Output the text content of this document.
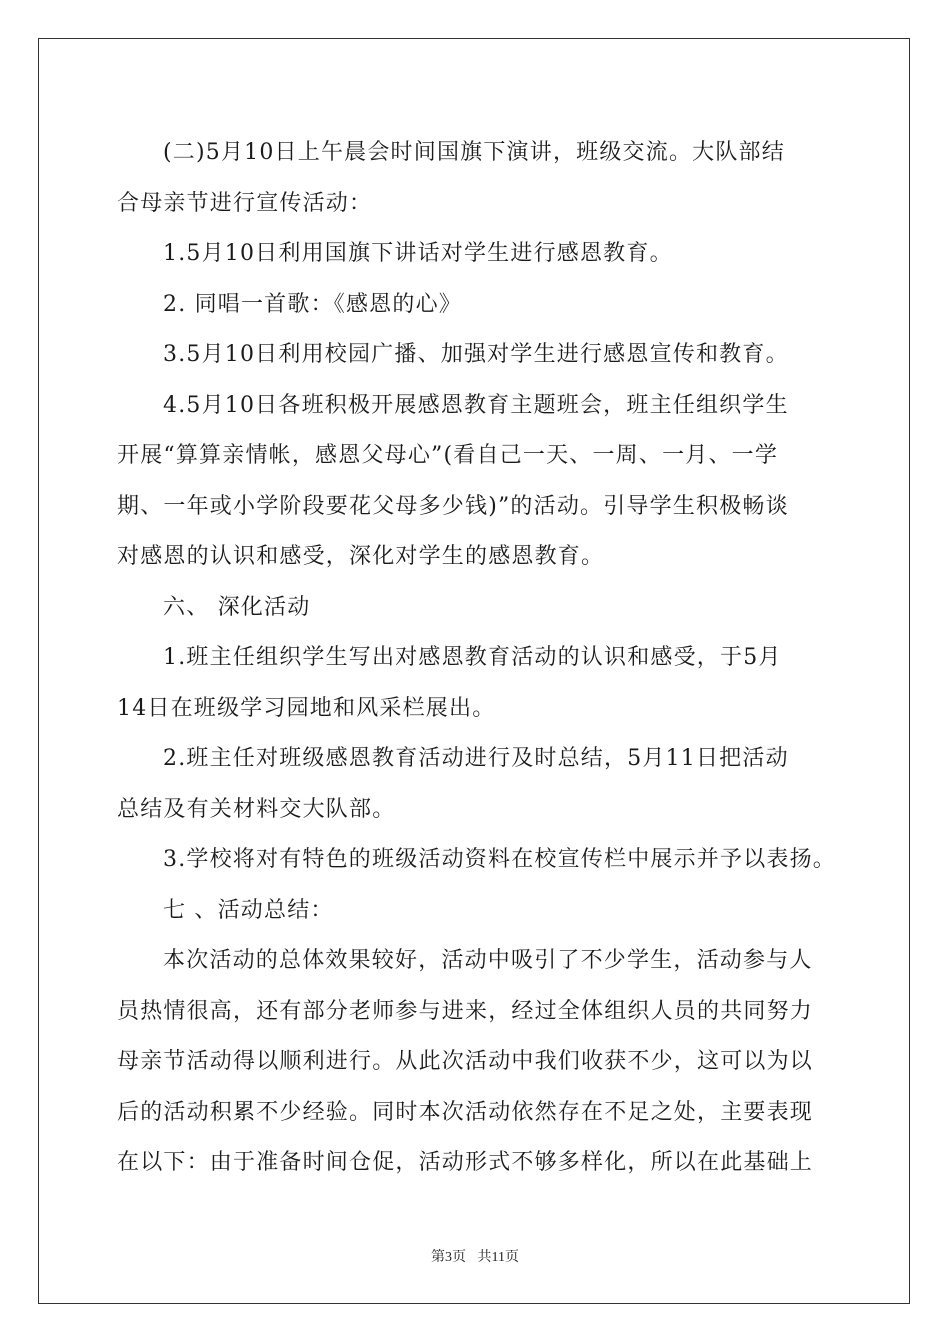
(二)5月10日上午晨会时间国旗下演讲，班级交流。大队部结

合母亲节进行宣传活动：

1.5月10日利用国旗下讲话对学生进行感恩教育。

2. 同唱一首歌：《感恩的心》

3.5月10日利用校园广播、加强对学生进行感恩宣传和教育。

4.5月10日各班积极开展感恩教育主题班会，班主任组织学生

开展“算算亲情帐，感恩父母心”(看自己一天、一周、一月、一学

期、一年或小学阶段要花父母多少钱)”的活动。引导学生积极畅谈

对感恩的认识和感受，深化对学生的感恩教育。

六、 深化活动

1.班主任组织学生写出对感恩教育活动的认识和感受，于5月

14日在班级学习园地和风采栏展出。

2.班主任对班级感恩教育活动进行及时总结，5月11日把活动

总结及有关材料交大队部。

3.学校将对有特色的班级活动资料在校宣传栏中展示并予以表扬。

七 、活动总结：

本次活动的总体效果较好，活动中吸引了不少学生，活动参与人

员热情很高，还有部分老师参与进来，经过全体组织人员的共同努力

母亲节活动得以顺利进行。从此次活动中我们收获不少，这可以为以

后的活动积累不少经验。同时本次活动依然存在不足之处，主要表现

在以下：由于准备时间仓促，活动形式不够多样化，所以在此基础上

第3页 共11页
